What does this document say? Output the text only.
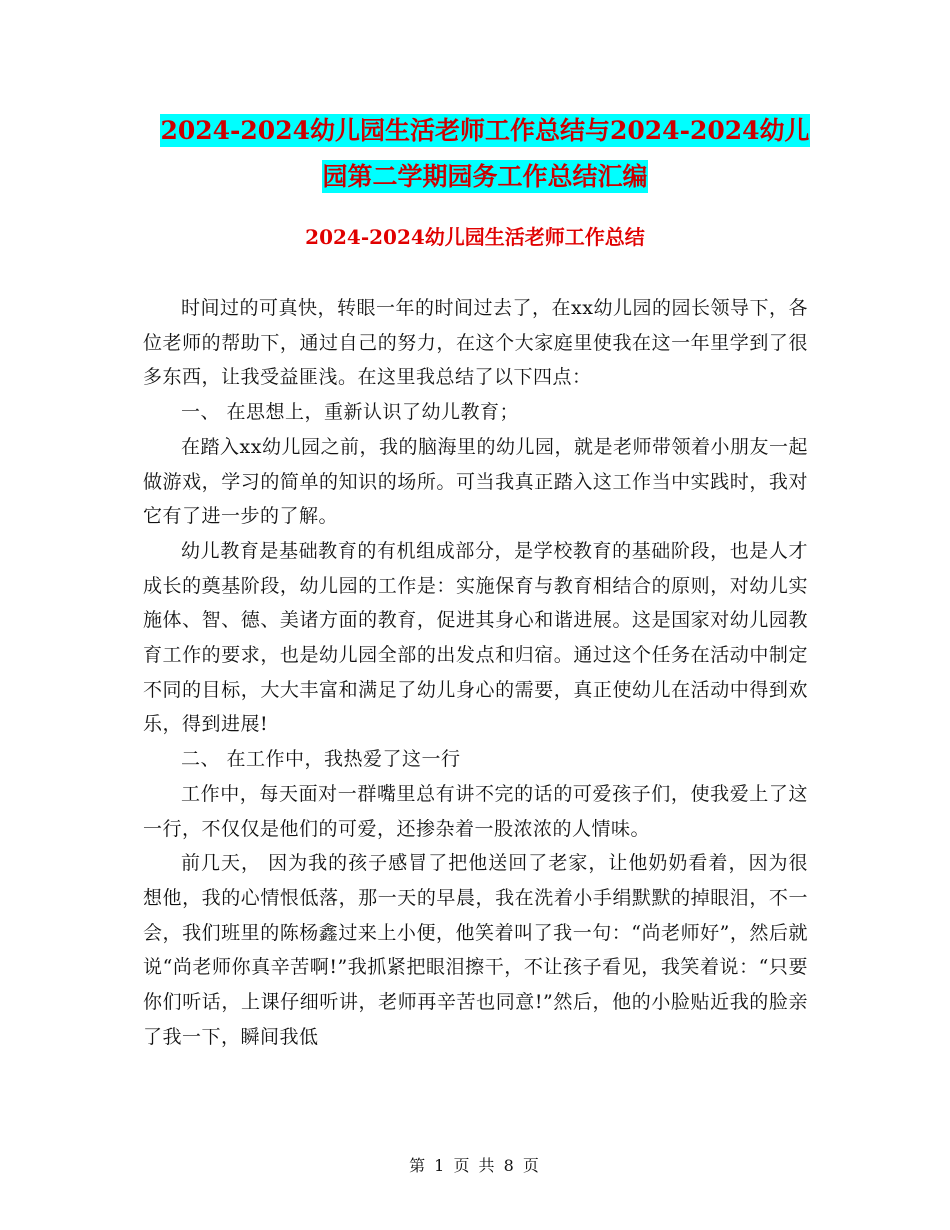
2024-2024幼儿园生活老师工作总结与2024-2024幼儿
园第二学期园务工作总结汇编
2024-2024幼儿园生活老师工作总结

时间过的可真快，转眼一年的时间过去了，在xx幼儿园的园长领导下，各位老师的帮助下，通过自己的努力，在这个大家庭里使我在这一年里学到了很多东西，让我受益匪浅。在这里我总结了以下四点：

一、 在思想上，重新认识了幼儿教育；

在踏入xx幼儿园之前，我的脑海里的幼儿园，就是老师带领着小朋友一起做游戏，学习的简单的知识的场所。可当我真正踏入这工作当中实践时，我对它有了进一步的了解。

幼儿教育是基础教育的有机组成部分，是学校教育的基础阶段，也是人才成长的奠基阶段，幼儿园的工作是：实施保育与教育相结合的原则，对幼儿实施体、智、德、美诸方面的教育，促进其身心和谐进展。这是国家对幼儿园教育工作的要求，也是幼儿园全部的出发点和归宿。通过这个任务在活动中制定不同的目标，大大丰富和满足了幼儿身心的需要，真正使幼儿在活动中得到欢乐，得到进展!

二、 在工作中，我热爱了这一行

工作中，每天面对一群嘴里总有讲不完的话的可爱孩子们，使我爱上了这一行，不仅仅是他们的可爱，还掺杂着一股浓浓的人情味。

前几天， 因为我的孩子感冒了把他送回了老家，让他奶奶看着，因为很想他，我的心情恨低落，那一天的早晨，我在洗着小手绢默默的掉眼泪，不一会，我们班里的陈杨鑫过来上小便，他笑着叫了我一句：“尚老师好”，然后就说“尚老师你真辛苦啊!”我抓紧把眼泪擦干，不让孩子看见，我笑着说：“只要你们听话，上课仔细听讲，老师再辛苦也同意!”然后，他的小脸贴近我的脸亲了我一下，瞬间我低

第 1 页 共 8 页
